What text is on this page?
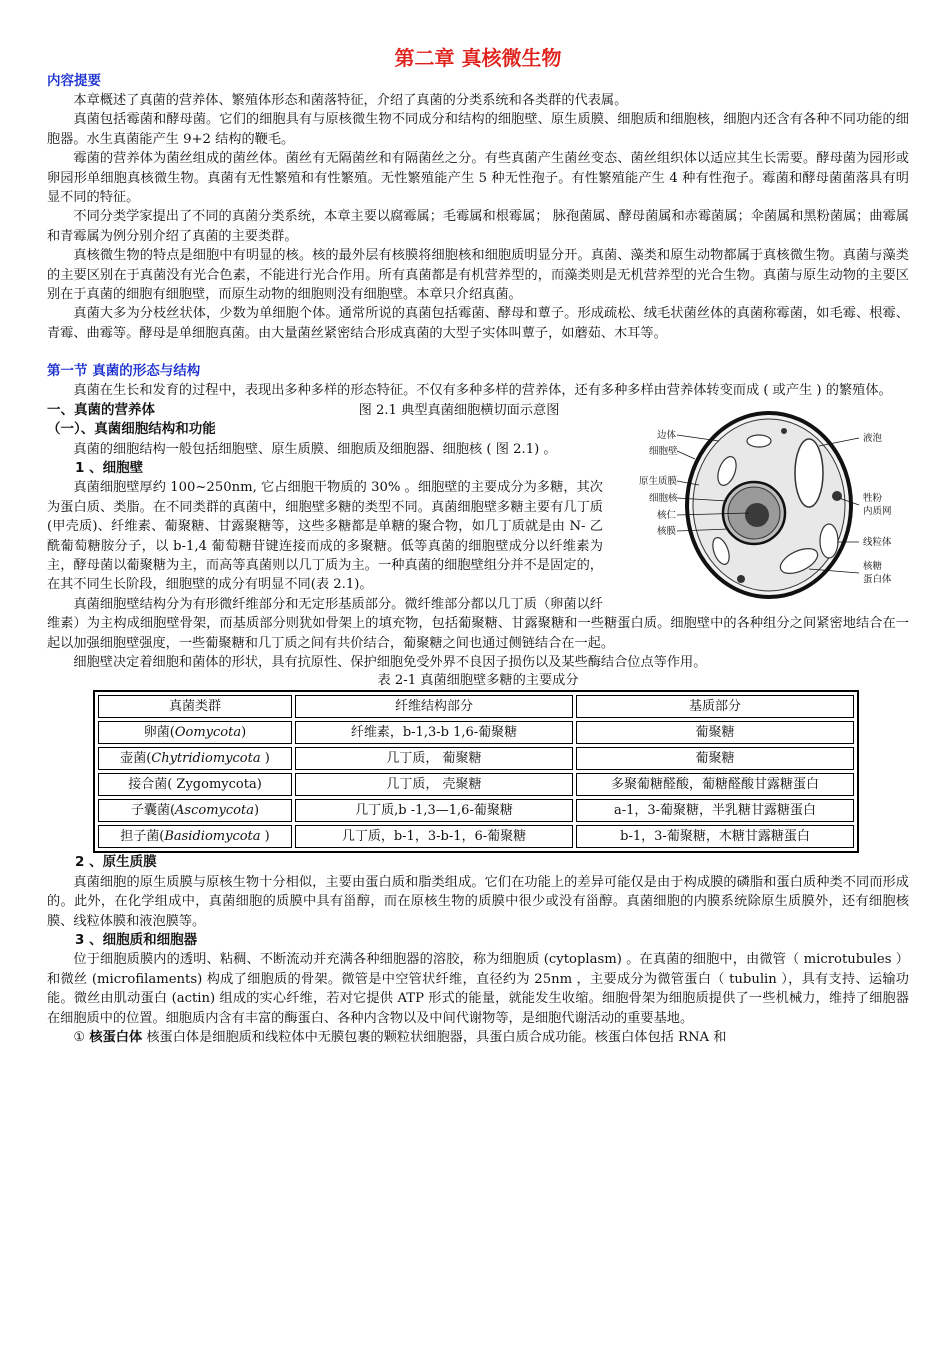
第二章 真核微生物
内容提要

本章概述了真菌的营养体、繁殖体形态和菌落特征，介绍了真菌的分类系统和各类群的代表属。

真菌包括霉菌和酵母菌。它们的细胞具有与原核微生物不同成分和结构的细胞壁、原生质膜、细胞质和细胞核，细胞内还含有各种不同功能的细胞器。水生真菌能产生 9+2 结构的鞭毛。

霉菌的营养体为菌丝组成的菌丝体。菌丝有无隔菌丝和有隔菌丝之分。有些真菌产生菌丝变态、菌丝组织体以适应其生长需要。酵母菌为园形或卵园形单细胞真核微生物。真菌有无性繁殖和有性繁殖。无性繁殖能产生 5 种无性孢子。有性繁殖能产生 4 种有性孢子。霉菌和酵母菌菌落具有明显不同的特征。

不同分类学家提出了不同的真菌分类系统，本章主要以腐霉属；毛霉属和根霉属； 脉孢菌属、酵母菌属和赤霉菌属；伞菌属和黑粉菌属；曲霉属和青霉属为例分别介绍了真菌的主要类群。

真核微生物的特点是细胞中有明显的核。核的最外层有核膜将细胞核和细胞质明显分开。真菌、藻类和原生动物都属于真核微生物。真菌与藻类的主要区别在于真菌没有光合色素，不能进行光合作用。所有真菌都是有机营养型的，而藻类则是无机营养型的光合生物。真菌与原生动物的主要区别在于真菌的细胞有细胞壁，而原生动物的细胞则没有细胞壁。本章只介绍真菌。

真菌大多为分枝丝状体，少数为单细胞个体。通常所说的真菌包括霉菌、酵母和蕈子。形成疏松、绒毛状菌丝体的真菌称霉菌，如毛霉、根霉、青霉、曲霉等。酵母是单细胞真菌。由大量菌丝紧密结合形成真菌的大型子实体叫蕈子，如蘑茹、木耳等。

第一节 真菌的形态与结构

真菌在生长和发育的过程中，表现出多种多样的形态特征。不仅有多种多样的营养体，还有多种多样由营养体转变而成 ( 或产生 ) 的繁殖体。

图 2.1 典型真菌细胞横切面示意图
边体
细胞壁
原生质膜
细胞核
核仁
核膜
液泡
牲粉
内质网
线粒体
核糖
蛋白体
一、真菌的营养体
（一）、真菌细胞结构和功能

真菌的细胞结构一般包括细胞壁、原生质膜、细胞质及细胞器、细胞核 ( 图 2.1) 。

1 、细胞壁

真菌细胞壁厚约 100~250nm, 它占细胞干物质的 30% 。细胞壁的主要成分为多糖，其次为蛋白质、类脂。在不同类群的真菌中，细胞壁多糖的类型不同。真菌细胞壁多糖主要有几丁质(甲壳质)、纤维素、葡聚糖、甘露聚糖等，这些多糖都是单糖的聚合物，如几丁质就是由 N- 乙酰葡萄糖胺分子，以 b-1,4 葡萄糖苷键连接而成的多聚糖。低等真菌的细胞壁成分以纤维素为主，酵母菌以葡聚糖为主，而高等真菌则以几丁质为主。一种真菌的细胞壁组分并不是固定的，在其不同生长阶段，细胞壁的成分有明显不同(表 2.1)。

真菌细胞壁结构分为有形微纤维部分和无定形基质部分。微纤维部分都以几丁质（卵菌以纤维素）为主构成细胞壁骨架，而基质部分则犹如骨架上的填充物，包括葡聚糖、甘露聚糖和一些糖蛋白质。细胞壁中的各种组分之间紧密地结合在一起以加强细胞壁强度，一些葡聚糖和几丁质之间有共价结合，葡聚糖之间也通过侧链结合在一起。

细胞壁决定着细胞和菌体的形状，具有抗原性、保护细胞免受外界不良因子损伤以及某些酶结合位点等作用。

表 2-1 真菌细胞壁多糖的主要成分
真菌类群	纤维结构部分	基质部分
卵菌(Oomycota)	纤维素，b-1,3-b 1,6-葡聚糖	葡聚糖
壶菌(Chytridiomycota )	几丁质， 葡聚糖	葡聚糖
接合菌( Zygomycota)	几丁质， 壳聚糖	多聚葡糖醛酸，葡糖醛酸甘露糖蛋白
子囊菌(Ascomycota)	几丁质,b -1,3—1,6-葡聚糖	a-1，3-葡聚糖，半乳糖甘露糖蛋白
担子菌(Basidiomycota )	几丁质，b-1，3-b-1，6-葡聚糖	b-1，3-葡聚糖，木糖甘露糖蛋白
2 、原生质膜

真菌细胞的原生质膜与原核生物十分相似，主要由蛋白质和脂类组成。它们在功能上的差异可能仅是由于构成膜的磷脂和蛋白质种类不同而形成的。此外，在化学组成中，真菌细胞的质膜中具有甾醇，而在原核生物的质膜中很少或没有甾醇。真菌细胞的内膜系统除原生质膜外，还有细胞核膜、线粒体膜和液泡膜等。

3 、细胞质和细胞器

位于细胞质膜内的透明、粘稠、不断流动并充满各种细胞器的溶胶，称为细胞质 (cytoplasm) 。在真菌的细胞中，由微管（ microtubules ）和微丝 (microfilaments) 构成了细胞质的骨架。微管是中空管状纤维，直径约为 25nm ，主要成分为微管蛋白（ tubulin ），具有支持、运输功能。微丝由肌动蛋白 (actin) 组成的实心纤维，若对它提供 ATP 形式的能量，就能发生收缩。细胞骨架为细胞质提供了一些机械力，维持了细胞器在细胞质中的位置。细胞质内含有丰富的酶蛋白、各种内含物以及中间代谢物等，是细胞代谢活动的重要基地。

① 核蛋白体 核蛋白体是细胞质和线粒体中无膜包裹的颗粒状细胞器，具蛋白质合成功能。核蛋白体包括 RNA 和
